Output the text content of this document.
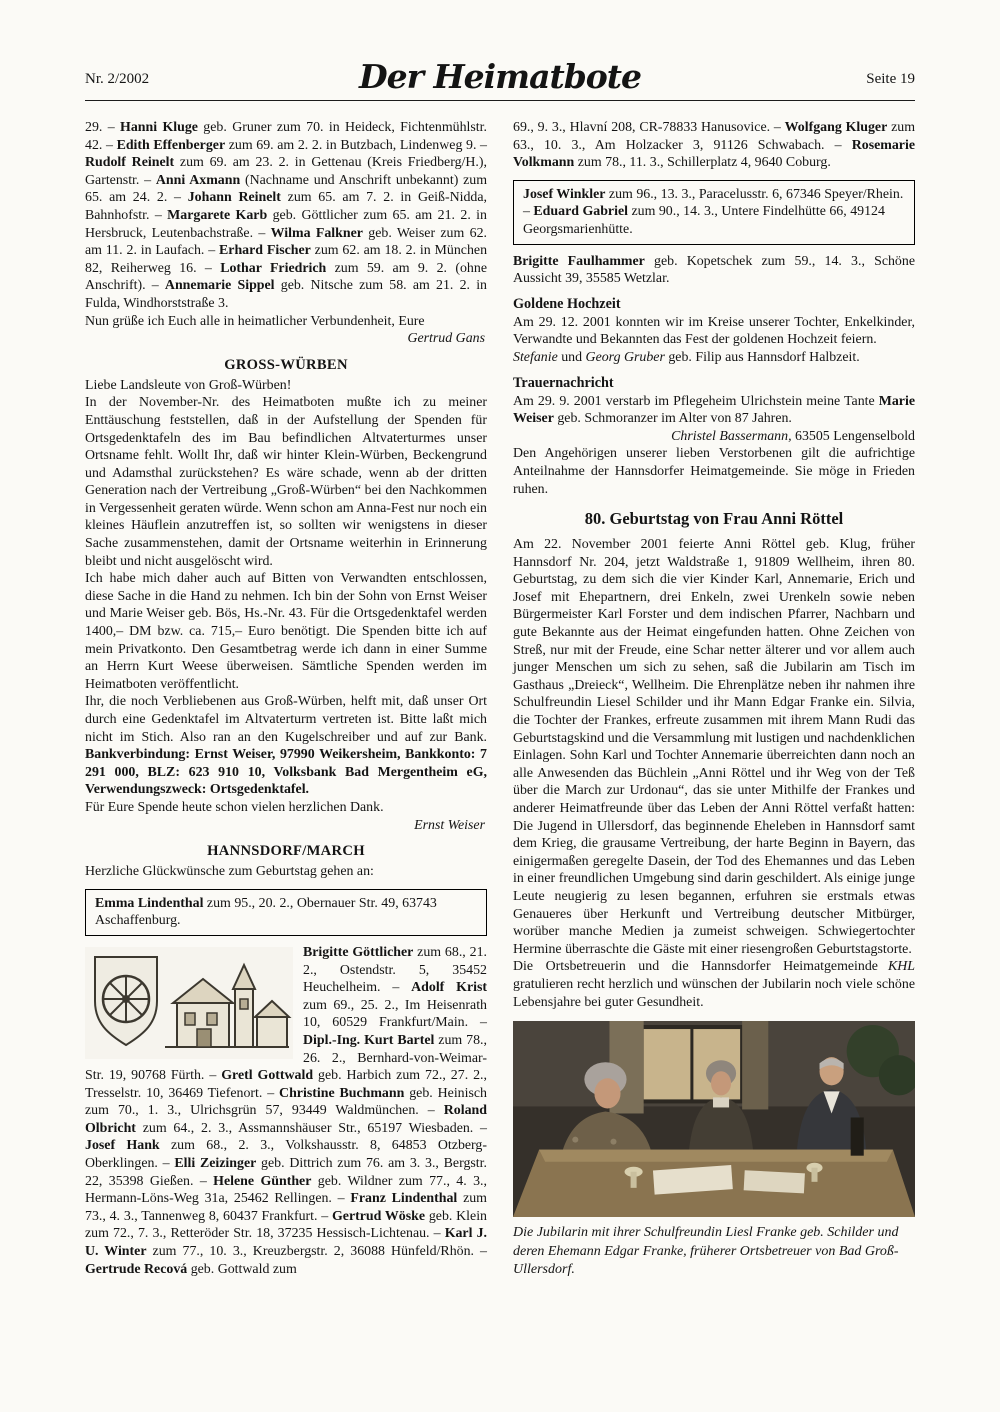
Nr. 2/2002	Der Heimatbote	Seite 19

29. – Hanni Kluge geb. Gruner zum 70. in Heideck, Fichtenmühlstr. 42. – Edith Effenberger zum 69. am 2. 2. in Butzbach, Lindenweg 9. – Rudolf Reinelt zum 69. am 23. 2. in Gettenau (Kreis Friedberg/H.), Gartenstr. – Anni Axmann (Nachname und Anschrift unbekannt) zum 65. am 24. 2. – Johann Reinelt zum 65. am 7. 2. in Geiß-Nidda, Bahnhofstr. – Margarete Karb geb. Göttlicher zum 65. am 21. 2. in Hersbruck, Leutenbachstraße. – Wilma Falkner geb. Weiser zum 62. am 11. 2. in Laufach. – Erhard Fischer zum 62. am 18. 2. in München 82, Reiherweg 16. – Lothar Friedrich zum 59. am 9. 2. (ohne Anschrift). – Annemarie Sippel geb. Nitsche zum 58. am 21. 2. in Fulda, Windhorststraße 3.

Nun grüße ich Euch alle in heimatlicher Verbundenheit, Eure

Gertrud Gans

GROSS-WÜRBEN

Liebe Landsleute von Groß-Würben!

In der November-Nr. des Heimatboten mußte ich zu meiner Enttäuschung feststellen, daß in der Aufstellung der Spenden für Ortsgedenktafeln des im Bau befindlichen Altvaterturmes unser Ortsname fehlt. Wollt Ihr, daß wir hinter Klein-Würben, Beckengrund und Adamsthal zurückstehen? Es wäre schade, wenn ab der dritten Generation nach der Vertreibung „Groß-Würben“ bei den Nachkommen in Vergessenheit geraten würde. Wenn schon am Anna-Fest nur noch ein kleines Häuflein anzutreffen ist, so sollten wir wenigstens in dieser Sache zusammenstehen, damit der Ortsname weiterhin in Erinnerung bleibt und nicht ausgelöscht wird.

Ich habe mich daher auch auf Bitten von Verwandten entschlossen, diese Sache in die Hand zu nehmen. Ich bin der Sohn von Ernst Weiser und Marie Weiser geb. Bös, Hs.-Nr. 43. Für die Ortsgedenktafel werden 1400,– DM bzw. ca. 715,– Euro benötigt. Die Spenden bitte ich auf mein Privatkonto. Den Gesamtbetrag werde ich dann in einer Summe an Herrn Kurt Weese überweisen. Sämtliche Spenden werden im Heimatboten veröffentlicht.

Ihr, die noch Verbliebenen aus Groß-Würben, helft mit, daß unser Ort durch eine Gedenktafel im Altvaterturm vertreten ist. Bitte laßt mich nicht im Stich. Also ran an den Kugelschreiber und auf zur Bank. Bankverbindung: Ernst Weiser, 97990 Weikersheim, Bankkonto: 7 291 000, BLZ: 623 910 10, Volksbank Bad Mergentheim eG, Verwendungszweck: Ortsgedenktafel.

Für Eure Spende heute schon vielen herzlichen Dank.

Ernst Weiser

HANNSDORF/MARCH

Herzliche Glückwünsche zum Geburtstag gehen an:

Emma Lindenthal zum 95., 20. 2., Obernauer Str. 49, 63743 Aschaffenburg.

Brigitte Göttlicher zum 68., 21. 2., Ostendstr. 5, 35452 Heuchelheim. – Adolf Krist zum 69., 25. 2., Im Heisenrath 10, 60529 Frankfurt/Main. – Dipl.-Ing. Kurt Bartel zum 78., 26. 2., Bernhard-von-Weimar-Str. 19, 90768 Fürth. – Gretl Gottwald geb. Harbich zum 72., 27. 2., Tresselstr. 10, 36469 Tiefenort. – Christine Buchmann geb. Heinisch zum 70., 1. 3., Ulrichsgrün 57, 93449 Waldmünchen. – Roland Olbricht zum 64., 2. 3., Assmannshäuser Str., 65197 Wiesbaden. – Josef Hank zum 68., 2. 3., Volkshausstr. 8, 64853 Otzberg-Oberklingen. – Elli Zeizinger geb. Dittrich zum 76. am 3. 3., Bergstr. 22, 35398 Gießen. – Helene Günther geb. Wildner zum 77., 4. 3., Hermann-Löns-Weg 31a, 25462 Rellingen. – Franz Lindenthal zum 73., 4. 3., Tannenweg 8, 60437 Frankfurt. – Gertrud Wöske geb. Klein zum 72., 7. 3., Retteröder Str. 18, 37235 Hessisch-Lichtenau. – Karl J. U. Winter zum 77., 10. 3., Kreuzbergstr. 2, 36088 Hünfeld/Rhön. – Gertrude Recová geb. Gottwald zum

69., 9. 3., Hlavní 208, CR-78833 Hanusovice. – Wolfgang Kluger zum 63., 10. 3., Am Holzacker 3, 91126 Schwabach. – Rosemarie Volkmann zum 78., 11. 3., Schillerplatz 4, 9640 Coburg.

Josef Winkler zum 96., 13. 3., Paracelusstr. 6, 67346 Speyer/Rhein. – Eduard Gabriel zum 90., 14. 3., Untere Findelhütte 66, 49124 Georgsmarienhütte.

Brigitte Faulhammer geb. Kopetschek zum 59., 14. 3., Schöne Aussicht 39, 35585 Wetzlar.

Goldene Hochzeit

Am 29. 12. 2001 konnten wir im Kreise unserer Tochter, Enkelkinder, Verwandte und Bekannten das Fest der goldenen Hochzeit feiern.

Stefanie und Georg Gruber geb. Filip aus Hannsdorf Halbzeit.

Trauernachricht

Am 29. 9. 2001 verstarb im Pflegeheim Ulrichstein meine Tante Marie Weiser geb. Schmoranzer im Alter von 87 Jahren.

Christel Bassermann, 63505 Lengenselbold

Den Angehörigen unserer lieben Verstorbenen gilt die aufrichtige Anteilnahme der Hannsdorfer Heimatgemeinde. Sie möge in Frieden ruhen.

80. Geburtstag von Frau Anni Röttel

Am 22. November 2001 feierte Anni Röttel geb. Klug, früher Hannsdorf Nr. 204, jetzt Waldstraße 1, 91809 Wellheim, ihren 80. Geburtstag, zu dem sich die vier Kinder Karl, Annemarie, Erich und Josef mit Ehepartnern, drei Enkeln, zwei Urenkeln sowie neben Bürgermeister Karl Forster und dem indischen Pfarrer, Nachbarn und gute Bekannte aus der Heimat eingefunden hatten. Ohne Zeichen von Streß, nur mit der Freude, eine Schar netter älterer und vor allem auch junger Menschen um sich zu sehen, saß die Jubilarin am Tisch im Gasthaus „Dreieck“, Wellheim. Die Ehrenplätze neben ihr nahmen ihre Schulfreundin Liesel Schilder und ihr Mann Edgar Franke ein. Silvia, die Tochter der Frankes, erfreute zusammen mit ihrem Mann Rudi das Geburtstagskind und die Versammlung mit lustigen und nachdenklichen Einlagen. Sohn Karl und Tochter Annemarie überreichten dann noch an alle Anwesenden das Büchlein „Anni Röttel und ihr Weg von der Teß über die March zur Urdonau“, das sie unter Mithilfe der Frankes und anderer Heimatfreunde über das Leben der Anni Röttel verfaßt hatten: Die Jugend in Ullersdorf, das beginnende Eheleben in Hannsdorf samt dem Krieg, die grausame Vertreibung, der harte Beginn in Bayern, das einigermaßen geregelte Dasein, der Tod des Ehemannes und das Leben in einer freundlichen Umgebung sind darin geschildert. Als einige junge Leute neugierig zu lesen begannen, erfuhren sie erstmals etwas Genaueres über Herkunft und Vertreibung deutscher Mitbürger, worüber manche Medien ja zumeist schweigen. Schwiegertochter Hermine überraschte die Gäste mit einer riesengroßen Geburtstagstorte.
KHL

Die Ortsbetreuerin und die Hannsdorfer Heimatgemeinde gratulieren recht herzlich und wünschen der Jubilarin noch viele schöne Lebensjahre bei guter Gesundheit.

Die Jubilarin mit ihrer Schulfreundin Liesl Franke geb. Schilder und deren Ehemann Edgar Franke, früherer Ortsbetreuer von Bad Groß-Ullersdorf.
